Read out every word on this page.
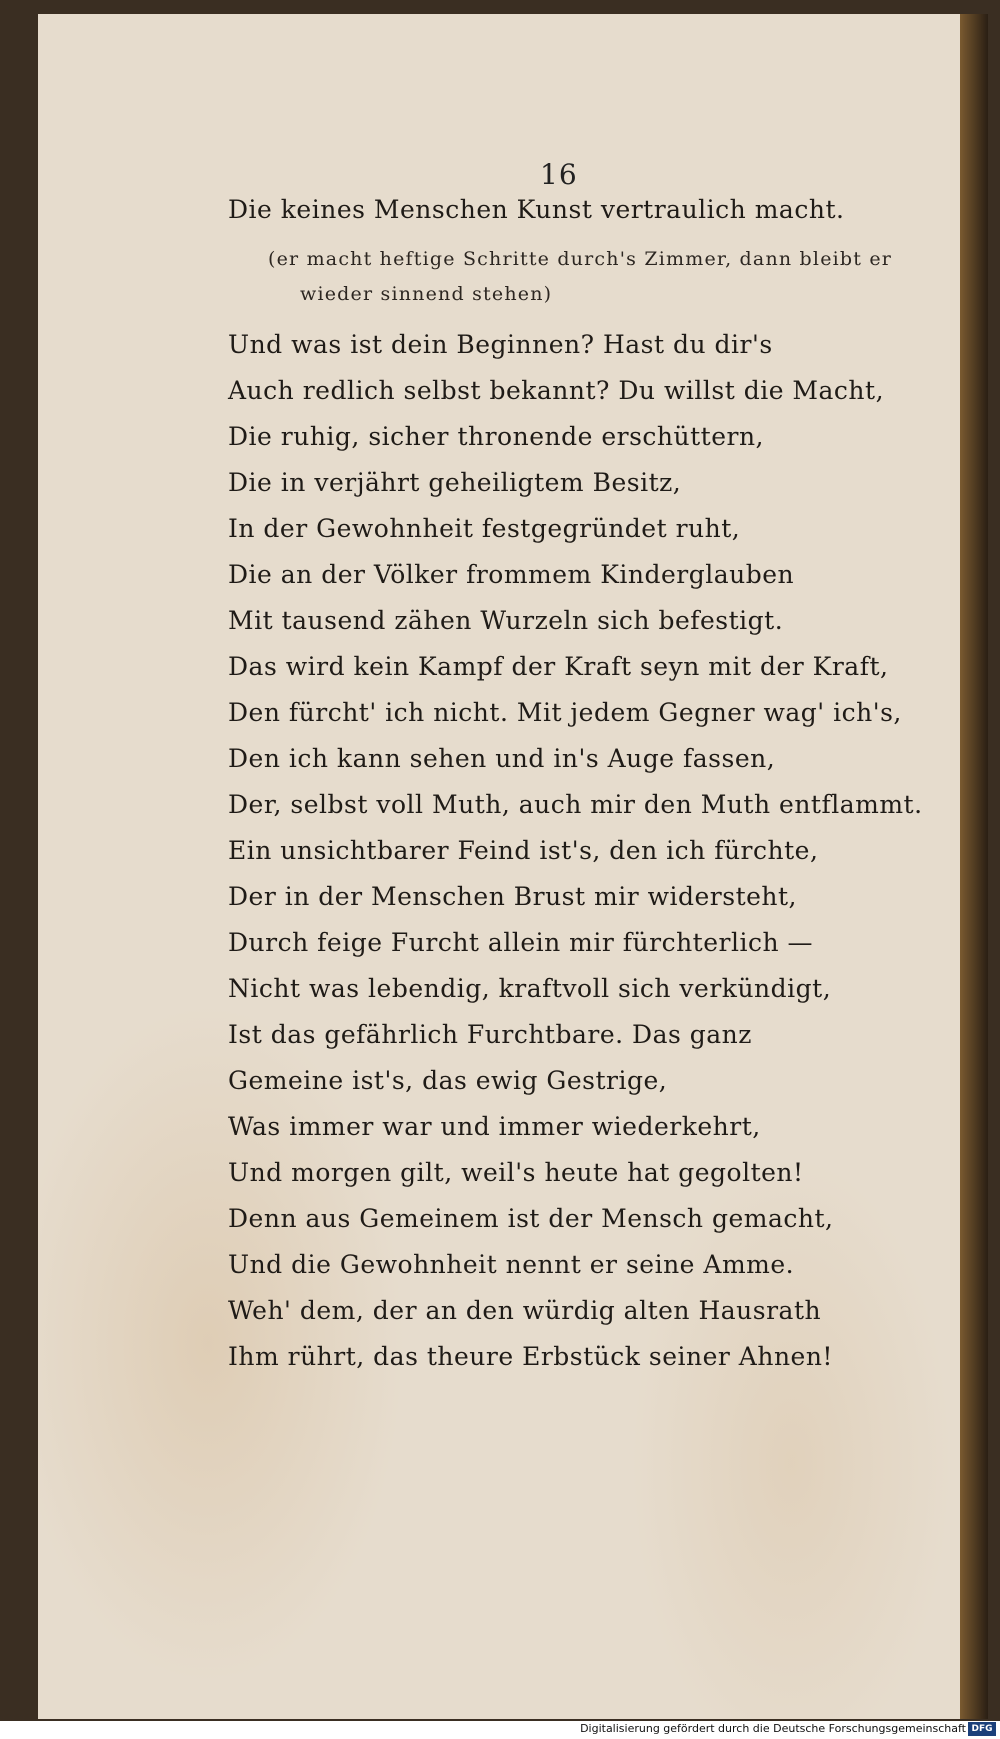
16
Die keines Menschen Kunst vertraulich macht.
(er macht heftige Schritte durch's Zimmer, dann bleibt er
wieder sinnend stehen)
Und was ist dein Beginnen? Hast du dir's
Auch redlich selbst bekannt? Du willst die Macht,
Die ruhig, sicher thronende erschüttern,
Die in verjährt geheiligtem Besitz,
In der Gewohnheit festgegründet ruht,
Die an der Völker frommem Kinderglauben
Mit tausend zähen Wurzeln sich befestigt.
Das wird kein Kampf der Kraft seyn mit der Kraft,
Den fürcht' ich nicht. Mit jedem Gegner wag' ich's,
Den ich kann sehen und in's Auge fassen,
Der, selbst voll Muth, auch mir den Muth entflammt.
Ein unsichtbarer Feind ist's, den ich fürchte,
Der in der Menschen Brust mir widersteht,
Durch feige Furcht allein mir fürchterlich —
Nicht was lebendig, kraftvoll sich verkündigt,
Ist das gefährlich Furchtbare. Das ganz
Gemeine ist's, das ewig Gestrige,
Was immer war und immer wiederkehrt,
Und morgen gilt, weil's heute hat gegolten!
Denn aus Gemeinem ist der Mensch gemacht,
Und die Gewohnheit nennt er seine Amme.
Weh' dem, der an den würdig alten Hausrath
Ihm rührt, das theure Erbstück seiner Ahnen!
Digitalisierung gefördert durch die Deutsche Forschungsgemeinschaft DFG
